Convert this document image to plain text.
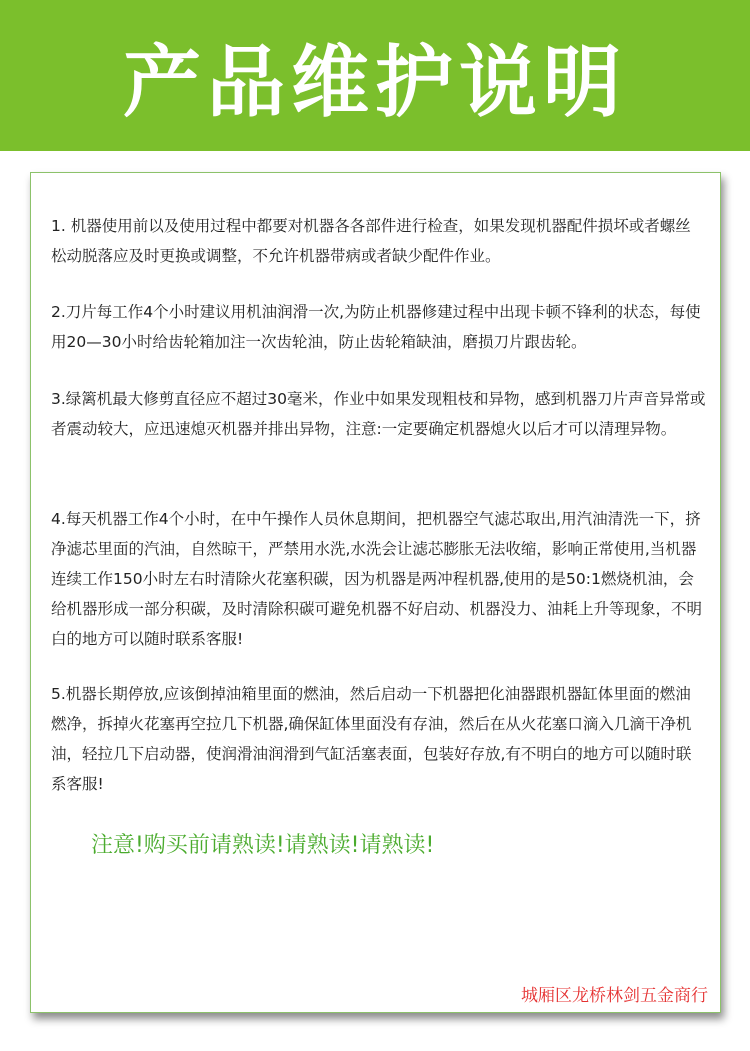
产品维护说明

1. 机器使用前以及使用过程中都要对机器各各部件进行检查，如果发现机器配件损坏或者螺丝松动脱落应及时更换或调整，不允许机器带病或者缺少配件作业。

2.刀片每工作4个小时建议用机油润滑一次,为防止机器修建过程中出现卡顿不锋利的状态，每使用20—30小时给齿轮箱加注一次齿轮油，防止齿轮箱缺油，磨损刀片跟齿轮。

3.绿篱机最大修剪直径应不超过30毫米，作业中如果发现粗枝和异物，感到机器刀片声音异常或者震动较大，应迅速熄灭机器并排出异物，注意:一定要确定机器熄火以后才可以清理异物。

4.每天机器工作4个小时，在中午操作人员休息期间，把机器空气滤芯取出,用汽油清洗一下，挤净滤芯里面的汽油，自然晾干，严禁用水洗,水洗会让滤芯膨胀无法收缩，影响正常使用,当机器连续工作150小时左右时清除火花塞积碳，因为机器是两冲程机器,使用的是50:1燃烧机油，会给机器形成一部分积碳，及时清除积碳可避免机器不好启动、机器没力、油耗上升等现象，不明白的地方可以随时联系客服!

5.机器长期停放,应该倒掉油箱里面的燃油，然后启动一下机器把化油器跟机器缸体里面的燃油燃净，拆掉火花塞再空拉几下机器,确保缸体里面没有存油，然后在从火花塞口滴入几滴干净机油，轻拉几下启动器，使润滑油润滑到气缸活塞表面，包装好存放,有不明白的地方可以随时联系客服!

注意!购买前请熟读!请熟读!请熟读!

城厢区龙桥林剑五金商行
